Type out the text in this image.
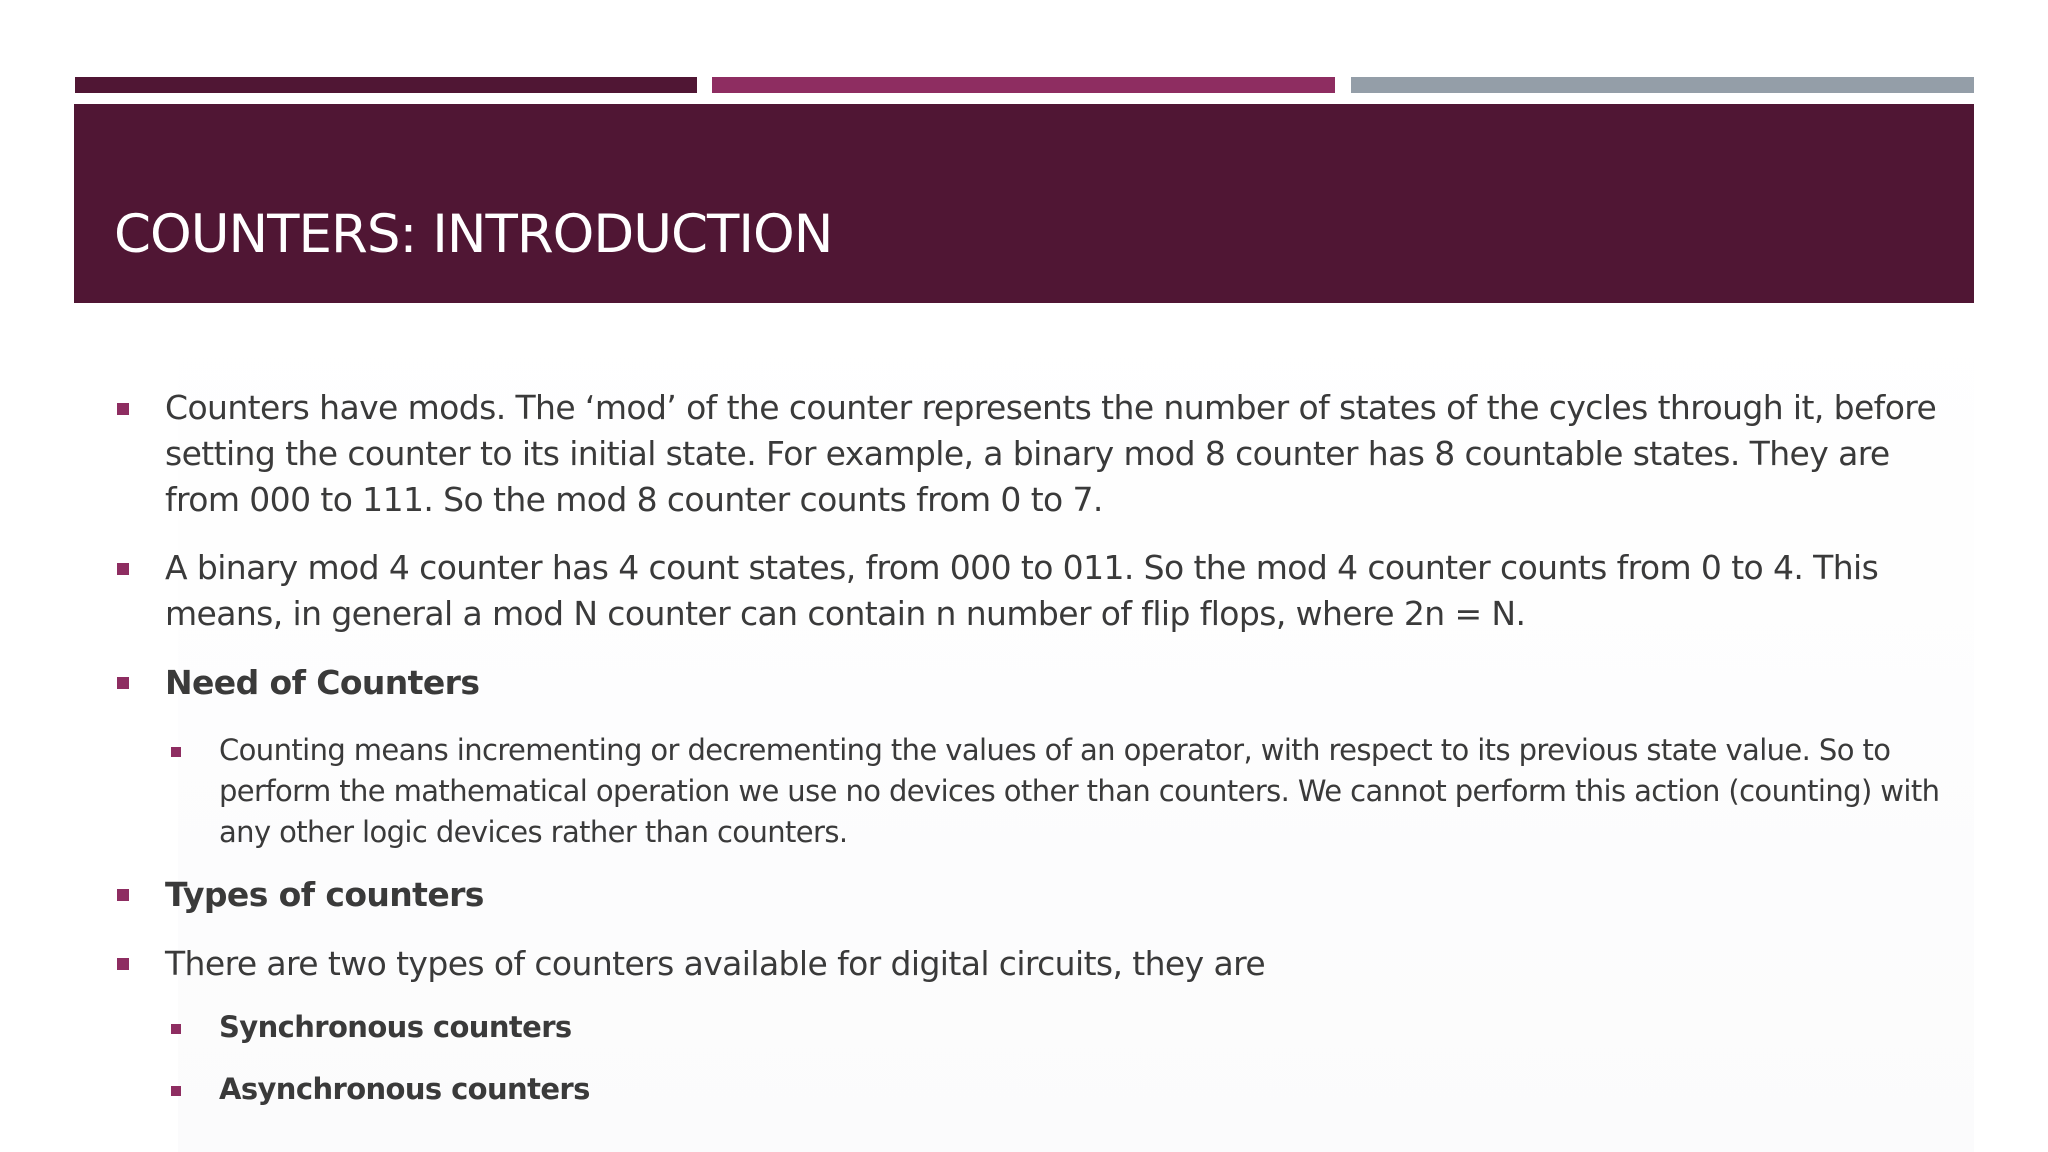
COUNTERS: INTRODUCTION

Counters have mods. The ‘mod’ of the counter represents the number of states of the cycles through it, before setting the counter to its initial state. For example, a binary mod 8 counter has 8 countable states. They are from 000 to 111. So the mod 8 counter counts from 0 to 7.

A binary mod 4 counter has 4 count states, from 000 to 011. So the mod 4 counter counts from 0 to 4. This means, in general a mod N counter can contain n number of flip flops, where 2n = N.

Need of Counters

Counting means incrementing or decrementing the values of an operator, with respect to its previous state value. So to perform the mathematical operation we use no devices other than counters. We cannot perform this action (counting) with any other logic devices rather than counters.

Types of counters

There are two types of counters available for digital circuits, they are

Synchronous counters

Asynchronous counters
